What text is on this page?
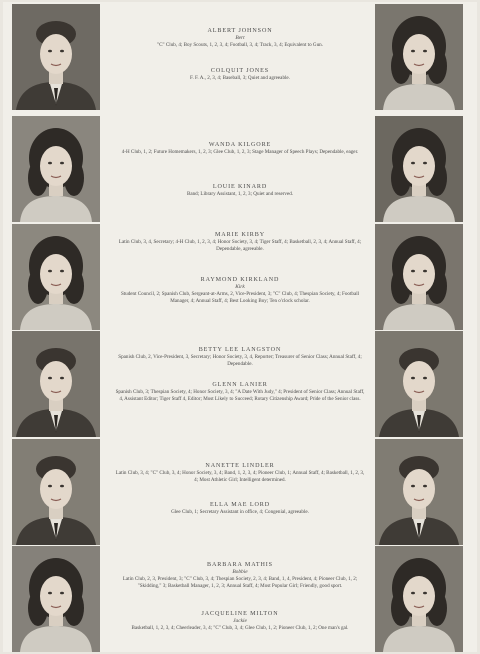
ALBERT JOHNSON
Bert
"C" Club, 4; Boy Scouts, 1, 2, 3, 4; Football, 3, 4; Track, 3, 4; Equivalent to Gun.
COLQUIT JONES
F. F. A., 2, 3, 4; Baseball, 3; Quiet and agreeable.
WANDA KILGORE
4-H Club, 1, 2; Future Homemakers, 1, 2, 3; Glee Club, 1, 2, 3; Stage Manager of Speech Plays; Dependable, eager.
LOUIE KINARD
Band; Library Assistant, 1, 2, 3; Quiet and reserved.
MARIE KIRBY
Latin Club, 3, 4, Secretary; 4-H Club, 1, 2, 3, 4; Honor Society, 3, 4; Tiger Staff, 4; Basketball, 2, 3, 4; Annual Staff, 4; Dependable, agreeable.
RAYMOND KIRKLAND
Kirk
Student Council, 2; Spanish Club, Sergeant-at-Arms, 2, Vice-President, 3; "C" Club, 4; Thespian Society, 4; Football Manager, 4; Annual Staff, 4; Best Looking Boy; Ten o'clock scholar.
BETTY LEE LANGSTON
Spanish Club, 2, Vice-President, 3, Secretary; Honor Society, 3, 4, Reporter; Treasurer of Senior Class; Annual Staff, 4; Dependable.
GLENN LANIER
Spanish Club, 3; Thespian Society, 4; Honor Society, 3, 4; "A Date With Judy," 4; President of Senior Class; Annual Staff, 4, Assistant Editor; Tiger Staff 4, Editor; Most Likely to Succeed; Rotary Citizenship Award; Pride of the Senior class.
NANETTE LINDLER
Latin Club, 3, 4; "C" Club, 3, 4; Honor Society, 3, 4; Band, 1, 2, 3, 4; Pioneer Club, 1; Annual Staff, 4; Basketball, 1, 2, 3, 4; Most Athletic Girl; Intelligent determined.
ELLA MAE LORD
Glee Club, 1; Secretary Assistant in office, 4; Congenial, agreeable.
BARBARA MATHIS
Bobbie
Latin Club, 2, 3, President, 3; "C" Club, 3, 4; Thespian Society, 2, 3, 4; Band, 1, 4, President, 4; Pioneer Club, 1, 2; "Skidding," 3; Basketball Manager, 1, 2, 3; Annual Staff, 4; Most Popular Girl; Friendly, good sport.
JACQUELINE MILTON
Jackie
Basketball, 1, 2, 3, 4; Cheerleader, 3, 4; "C" Club, 3, 4; Glee Club, 1, 2; Pioneer Club, 1, 2; One man's gal.
